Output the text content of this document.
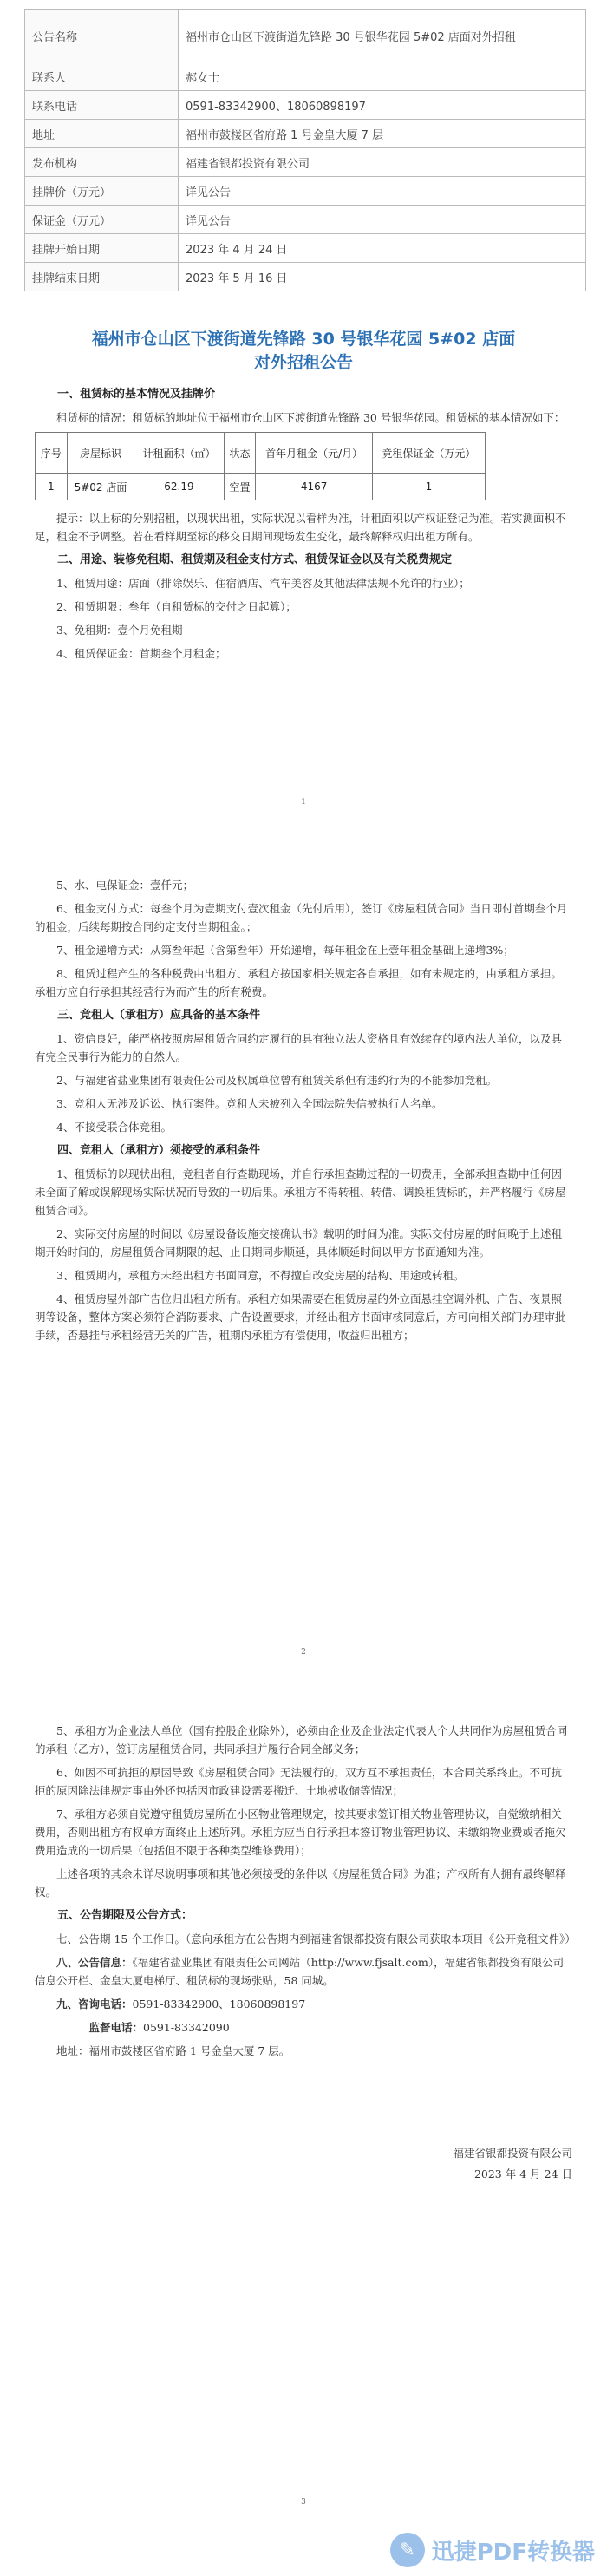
公告名称	福州市仓山区下渡街道先锋路 30 号银华花园 5#02 店面对外招租
联系人	郝女士
联系电话	0591-83342900、18060898197
地址	福州市鼓楼区省府路 1 号金皇大厦 7 层
发布机构	福建省银都投资有限公司
挂牌价（万元）	详见公告
保证金（万元）	详见公告
挂牌开始日期	2023 年 4 月 24 日
挂牌结束日期	2023 年 5 月 16 日
福州市仓山区下渡街道先锋路 30 号银华花园 5#02 店面
对外招租公告
一、租赁标的基本情况及挂牌价

租赁标的情况：租赁标的地址位于福州市仓山区下渡街道先锋路 30 号银华花园。租赁标的基本情况如下：

序号	房屋标识	计租面积（㎡）	状态	首年月租金（元/月）	竞租保证金（万元）
1	5#02 店面	62.19	空置	4167	1

提示：以上标的分别招租，以现状出租，实际状况以看样为准，计租面积以产权证登记为准。若实测面积不足，租金不予调整。若在看样期至标的移交日期间现场发生变化，最终解释权归出租方所有。

二、用途、装修免租期、租赁期及租金支付方式、租赁保证金以及有关税费规定

1、租赁用途：店面（排除娱乐、住宿酒店、汽车美容及其他法律法规不允许的行业）；

2、租赁期限：叁年（自租赁标的交付之日起算）；

3、免租期：壹个月免租期

4、租赁保证金：首期叁个月租金；

1

5、水、电保证金：壹仟元；

6、租金支付方式：每叁个月为壹期支付壹次租金（先付后用），签订《房屋租赁合同》当日即付首期叁个月的租金，后续每期按合同约定支付当期租金。；

7、租金递增方式：从第叁年起（含第叁年）开始递增，每年租金在上壹年租金基础上递增3%；

8、租赁过程产生的各种税费由出租方、承租方按国家相关规定各自承担，如有未规定的，由承租方承担。承租方应自行承担其经营行为而产生的所有税费。

三、竞租人（承租方）应具备的基本条件

1、资信良好，能严格按照房屋租赁合同约定履行的具有独立法人资格且有效续存的境内法人单位，以及具有完全民事行为能力的自然人。

2、与福建省盐业集团有限责任公司及权属单位曾有租赁关系但有违约行为的不能参加竞租。

3、竞租人无涉及诉讼、执行案件。竞租人未被列入全国法院失信被执行人名单。

4、不接受联合体竞租。

四、竞租人（承租方）须接受的承租条件

1、租赁标的以现状出租，竞租者自行查勘现场，并自行承担查勘过程的一切费用，全部承担查勘中任何因未全面了解或误解现场实际状况而导致的一切后果。承租方不得转租、转借、调换租赁标的，并严格履行《房屋租赁合同》。

2、实际交付房屋的时间以《房屋设备设施交接确认书》载明的时间为准。实际交付房屋的时间晚于上述租期开始时间的，房屋租赁合同期限的起、止日期同步顺延，具体顺延时间以甲方书面通知为准。

3、租赁期内，承租方未经出租方书面同意，不得擅自改变房屋的结构、用途或转租。

4、租赁房屋外部广告位归出租方所有。承租方如果需要在租赁房屋的外立面悬挂空调外机、广告、夜景照明等设备，整体方案必须符合消防要求、广告设置要求，并经出租方书面审核同意后，方可向相关部门办理审批手续，否悬挂与承租经营无关的广告，租期内承租方有偿使用，收益归出租方；

2

5、承租方为企业法人单位（国有控股企业除外），必须由企业及企业法定代表人个人共同作为房屋租赁合同的承租（乙方），签订房屋租赁合同，共同承担并履行合同全部义务；

6、如因不可抗拒的原因导致《房屋租赁合同》无法履行的，双方互不承担责任，本合同关系终止。不可抗拒的原因除法律规定事由外还包括因市政建设需要搬迁、土地被收储等情况；

7、承租方必须自觉遵守租赁房屋所在小区物业管理规定，按其要求签订相关物业管理协议，自觉缴纳相关费用，否则出租方有权单方面终止上述所列。承租方应当自行承担本签订物业管理协议、未缴纳物业费或者拖欠费用造成的一切后果（包括但不限于各种类型维修费用）；

上述各项的其余未详尽说明事项和其他必须接受的条件以《房屋租赁合同》为准；产权所有人拥有最终解释权。

五、公告期限及公告方式：

七、公告期 15 个工作日。（意向承租方在公告期内到福建省银都投资有限公司获取本项目《公开竞租文件》）

八、公告信息：《福建省盐业集团有限责任公司网站（http://www.fjsalt.com），福建省银都投资有限公司信息公开栏、金皇大厦电梯厅、租赁标的现场张贴，58 同城。

九、咨询电话：0591-83342900、18060898197

监督电话：0591-83342090

地址：福州市鼓楼区省府路 1 号金皇大厦 7 层。

福建省银都投资有限公司

2023 年 4 月 24 日

3
✎ 迅捷PDF转换器
